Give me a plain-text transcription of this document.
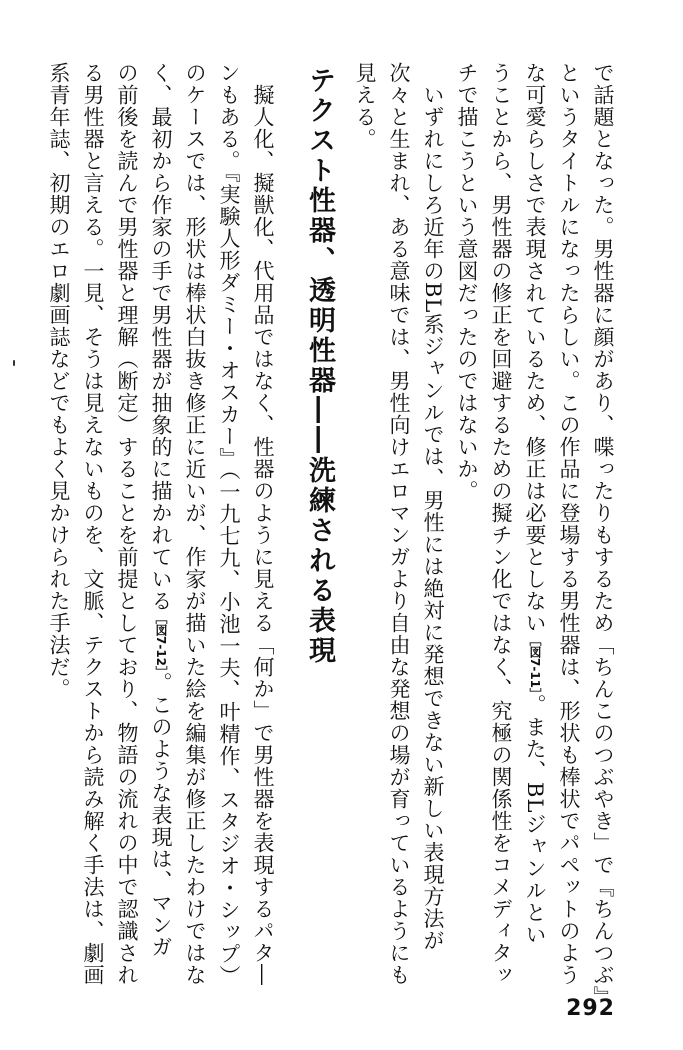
で話題となった。男性器に顔があり、喋ったりもするため「ちんこのつぶやき」で『ちんつぶ』
というタイトルになったらしい。この作品に登場する男性器は、形状も棒状でパペットのよう
な可愛らしさで表現されているため、修正は必要としない［図7-11］。また、BLジャンルとい
うことから、男性器の修正を回避するための擬チン化ではなく、究極の関係性をコメディタッ
チで描こうという意図だったのではないか。
いずれにしろ近年のBL系ジャンルでは、男性には絶対に発想できない新しい表現方法が
次々と生まれ、ある意味では、男性向けエロマンガより自由な発想の場が育っているようにも
見える。
テクスト性器、透明性器――洗練される表現
擬人化、擬獣化、代用品ではなく、性器のように見える「何か」で男性器を表現するパタ―
ンもある。『実験人形ダミー・オスカー』（一九七九、小池一夫、叶精作、スタジオ・シップ）
のケースでは、形状は棒状白抜き修正に近いが、作家が描いた絵を編集が修正したわけではな
く、最初から作家の手で男性器が抽象的に描かれている［図7-12］。このような表現は、マンガ
の前後を読んで男性器と理解（断定）することを前提としており、物語の流れの中で認識され
る男性器と言える。一見、そうは見えないものを、文脈、テクストから読み解く手法は、劇画
系青年誌、初期のエロ劇画誌などでもよく見かけられた手法だ。
292
